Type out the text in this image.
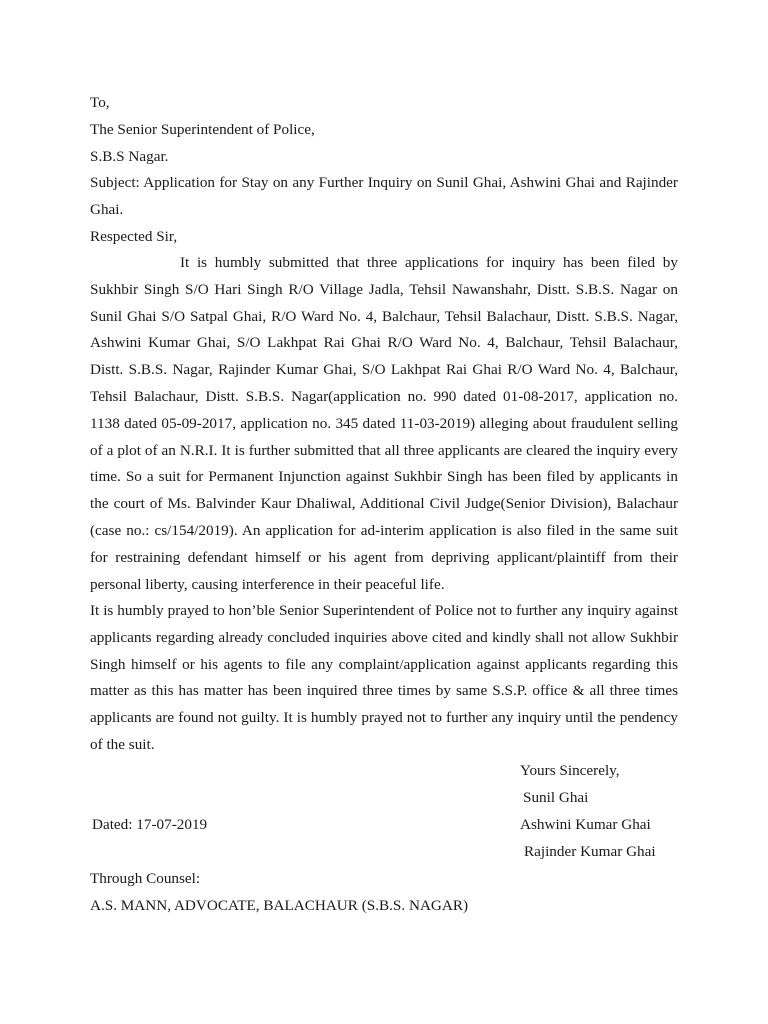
To,
The Senior Superintendent of Police,
S.B.S Nagar.
Subject: Application for Stay on any Further Inquiry on Sunil Ghai, Ashwini Ghai and Rajinder Ghai.
Respected Sir,
It is humbly submitted that three applications for inquiry has been filed by Sukhbir Singh S/O Hari Singh R/O Village Jadla, Tehsil Nawanshahr, Distt. S.B.S. Nagar on Sunil Ghai S/O Satpal Ghai, R/O Ward No. 4, Balchaur, Tehsil Balachaur, Distt. S.B.S. Nagar, Ashwini Kumar Ghai, S/O Lakhpat Rai Ghai R/O Ward No. 4, Balchaur, Tehsil Balachaur, Distt. S.B.S. Nagar, Rajinder Kumar Ghai, S/O Lakhpat Rai Ghai R/O Ward No. 4, Balchaur, Tehsil Balachaur, Distt. S.B.S. Nagar(application no. 990 dated 01-08-2017, application no. 1138 dated 05-09-2017, application no. 345 dated 11-03-2019) alleging about fraudulent selling of a plot of an N.R.I. It is further submitted that all three applicants are cleared the inquiry every time. So a suit for Permanent Injunction against Sukhbir Singh has been filed by applicants in the court of Ms. Balvinder Kaur Dhaliwal, Additional Civil Judge(Senior Division), Balachaur (case no.: cs/154/2019). An application for ad-interim application is also filed in the same suit for restraining defendant himself or his agent from depriving applicant/plaintiff from their personal liberty, causing interference in their peaceful life.
It is humbly prayed to hon’ble Senior Superintendent of Police not to further any inquiry against applicants regarding already concluded inquiries above cited and kindly shall not allow Sukhbir Singh himself or his agents to file any complaint/application against applicants regarding this matter as this has matter has been inquired three times by same S.S.P. office & all three times applicants are found not guilty. It is humbly prayed not to further any inquiry until the pendency of the suit.
Yours Sincerely,
Sunil Ghai
Dated: 17-07-2019	Ashwini Kumar Ghai
Rajinder Kumar Ghai
Through Counsel:
A.S. MANN, ADVOCATE, BALACHAUR (S.B.S. NAGAR)
